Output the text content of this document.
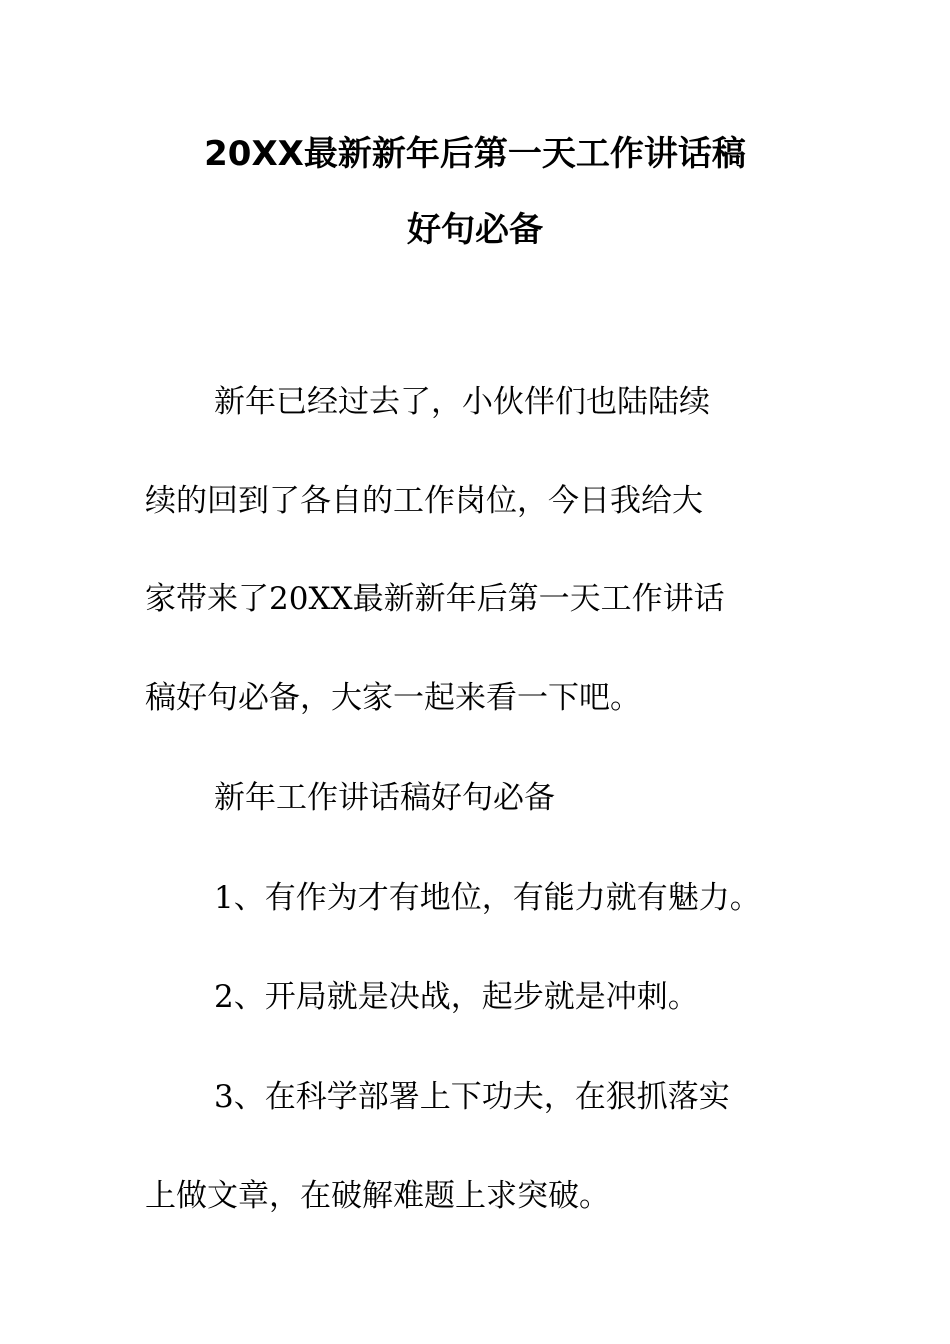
20XX最新新年后第一天工作讲话稿
好句必备
新年已经过去了，小伙伴们也陆陆续
续的回到了各自的工作岗位，今日我给大
家带来了20XX最新新年后第一天工作讲话
稿好句必备，大家一起来看一下吧。
新年工作讲话稿好句必备
1、有作为才有地位，有能力就有魅力。
2、开局就是决战，起步就是冲刺。
3、在科学部署上下功夫，在狠抓落实
上做文章，在破解难题上求突破。
